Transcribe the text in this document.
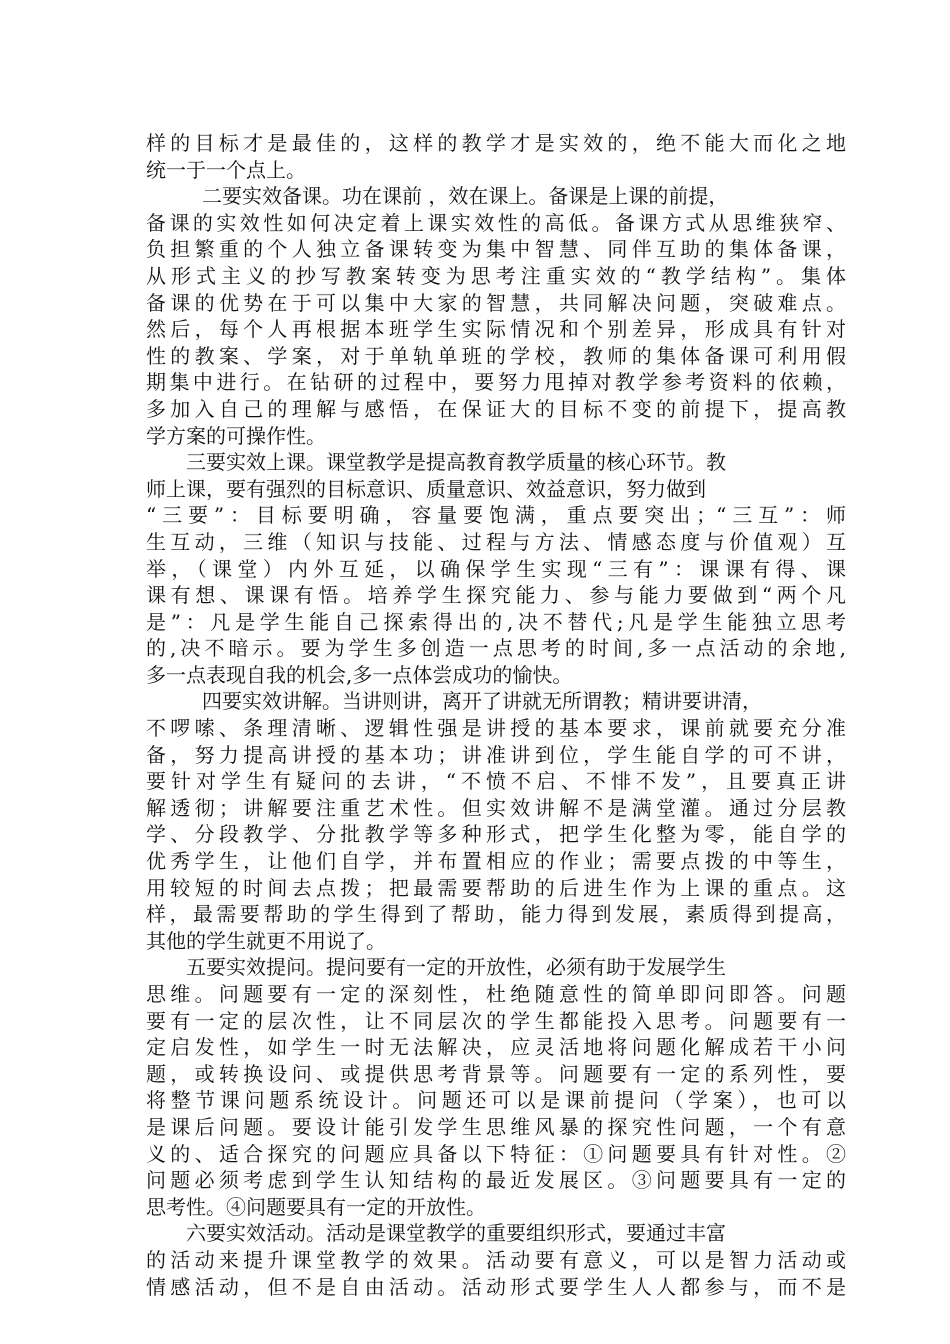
样的目标才是最佳的，这样的教学才是实效的，绝不能大而化之地
统一于一个点上。
二要实效备课。功在课前 ，效在课上。备课是上课的前提，
备课的实效性如何决定着上课实效性的高低。备课方式从思维狭窄、
负担繁重的个人独立备课转变为集中智慧、同伴互助的集体备课，
从形式主义的抄写教案转变为思考注重实效的“教学结构”。集体
备课的优势在于可以集中大家的智慧，共同解决问题，突破难点。
然后，每个人再根据本班学生实际情况和个别差异，形成具有针对
性的教案、学案，对于单轨单班的学校，教师的集体备课可利用假
期集中进行。在钻研的过程中，要努力甩掉对教学参考资料的依赖，
多加入自己的理解与感悟，在保证大的目标不变的前提下，提高教
学方案的可操作性。
三要实效上课。课堂教学是提高教育教学质量的核心环节。教
师上课，要有强烈的目标意识、质量意识、效益意识，努力做到
“三要”：目标要明确，容量要饱满，重点要突出；“三互”：师
生互动，三维（知识与技能、过程与方法、情感态度与价值观）互
举，（课堂）内外互延，以确保学生实现“三有”：课课有得、课
课有想、课课有悟。培养学生探究能力、参与能力要做到“两个凡
是”：凡是学生能自己探索得出的,决不替代;凡是学生能独立思考
的,决不暗示。要为学生多创造一点思考的时间,多一点活动的余地,
多一点表现自我的机会,多一点体尝成功的愉快。
四要实效讲解。当讲则讲，离开了讲就无所谓教；精讲要讲清，
不啰嗦、条理清晰、逻辑性强是讲授的基本要求，课前就要充分准
备，努力提高讲授的基本功；讲准讲到位，学生能自学的可不讲，
要针对学生有疑问的去讲，“不愤不启、不悱不发”，且要真正讲
解透彻；讲解要注重艺术性。但实效讲解不是满堂灌。通过分层教
学、分段教学、分批教学等多种形式，把学生化整为零，能自学的
优秀学生，让他们自学，并布置相应的作业；需要点拨的中等生，
用较短的时间去点拨；把最需要帮助的后进生作为上课的重点。这
样，最需要帮助的学生得到了帮助，能力得到发展，素质得到提高，
其他的学生就更不用说了。
五要实效提问。提问要有一定的开放性，必须有助于发展学生
思维。问题要有一定的深刻性，杜绝随意性的简单即问即答。问题
要有一定的层次性，让不同层次的学生都能投入思考。问题要有一
定启发性，如学生一时无法解决，应灵活地将问题化解成若干小问
题，或转换设问、或提供思考背景等。问题要有一定的系列性，要
将整节课问题系统设计。问题还可以是课前提问（学案），也可以
是课后问题。要设计能引发学生思维风暴的探究性问题，一个有意
义的、适合探究的问题应具备以下特征：①问题要具有针对性。②
问题必须考虑到学生认知结构的最近发展区。③问题要具有一定的
思考性。④问题要具有一定的开放性。
六要实效活动。活动是课堂教学的重要组织形式，要通过丰富
的活动来提升课堂教学的效果。活动要有意义，可以是智力活动或
情感活动，但不是自由活动。活动形式要学生人人都参与，而不是
